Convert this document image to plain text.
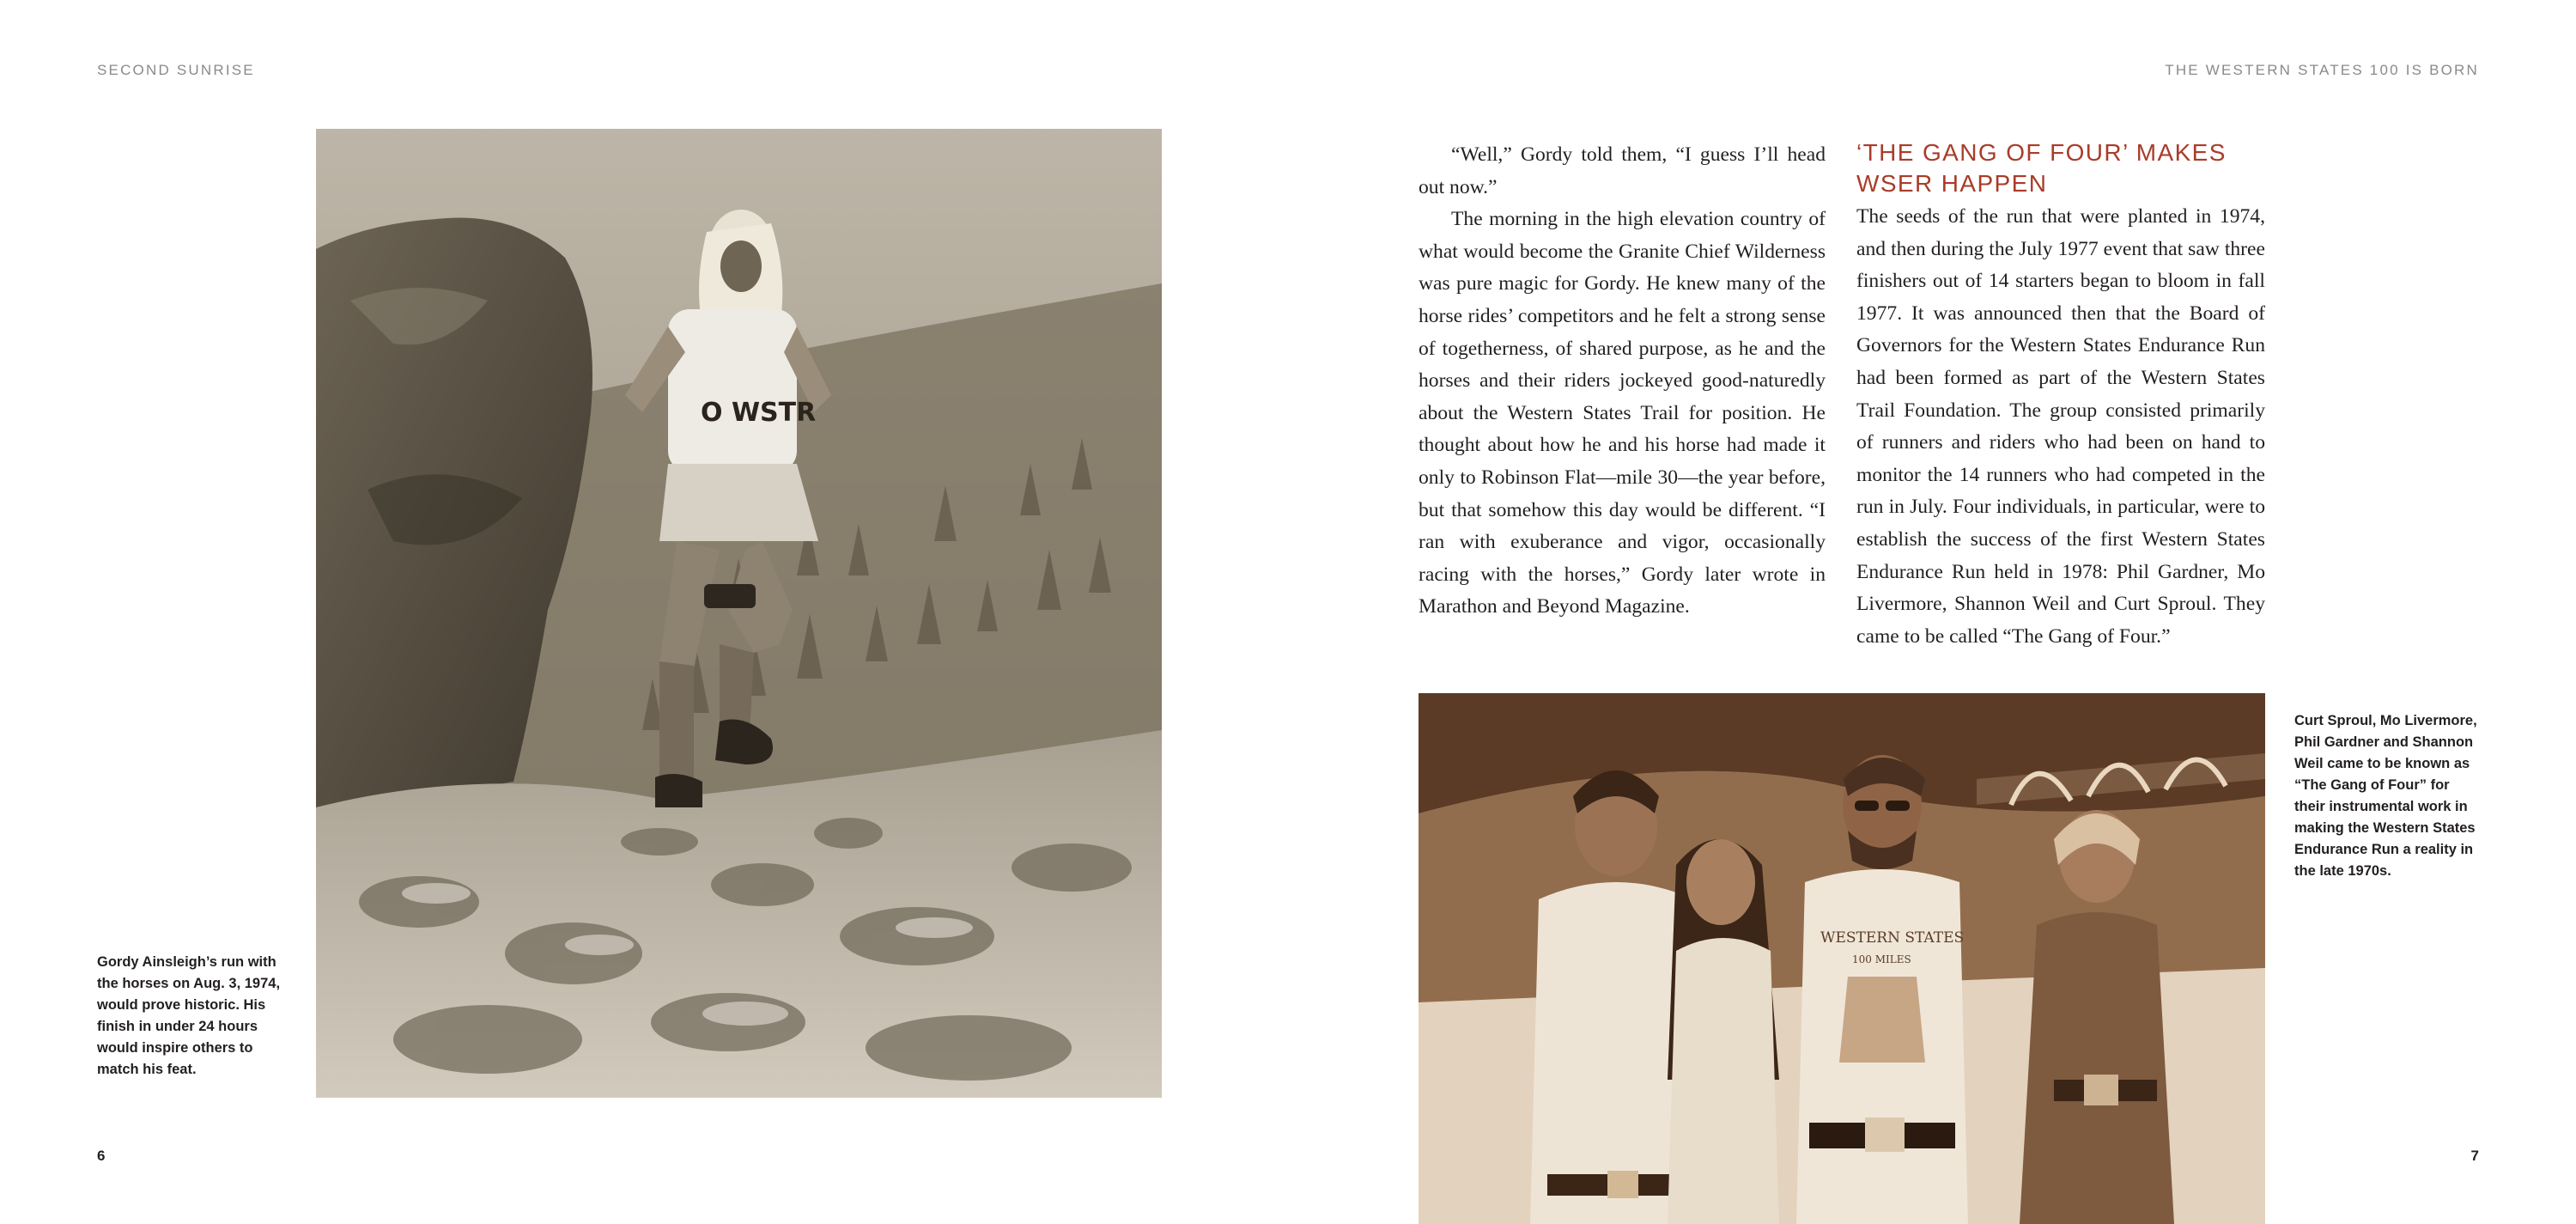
SECOND SUNRISE	THE WESTERN STATES 100 IS BORN
O WSTR
Gordy Ainsleigh’s run with the horses on Aug. 3, 1974, would prove historic. His finish in under 24 hours would inspire others to match his feat.

“Well,” Gordy told them, “I guess I’ll head out now.”

The morning in the high elevation country of what would become the Granite Chief Wilderness was pure magic for Gordy. He knew many of the horse rides’ competitors and he felt a strong sense of togetherness, of shared purpose, as he and the horses and their riders jockeyed good-naturedly about the Western States Trail for position. He thought about how he and his horse had made it only to Robinson Flat—mile 30—the year before, but that somehow this day would be different. “I ran with exuberance and vigor, occasionally racing with the horses,” Gordy later wrote in Marathon and Beyond Magazine.

‘THE GANG OF FOUR’ MAKES
WSER HAPPEN

The seeds of the run that were planted in 1974, and then during the July 1977 event that saw three finishers out of 14 starters began to bloom in fall 1977. It was announced then that the Board of Governors for the Western States Endurance Run had been formed as part of the Western States Trail Foundation. The group consisted primarily of runners and riders who had been on hand to monitor the 14 runners who had competed in the run in July. Four individuals, in particular, were to establish the success of the first Western States Endurance Run held in 1978: Phil Gardner, Mo Livermore, Shannon Weil and Curt Sproul. They came to be called “The Gang of Four.”

WESTERN STATES
100 MILES
Curt Sproul, Mo Livermore, Phil Gardner and Shannon Weil came to be known as “The Gang of Four” for their instrumental work in making the Western States Endurance Run a reality in the late 1970s.
6	7
